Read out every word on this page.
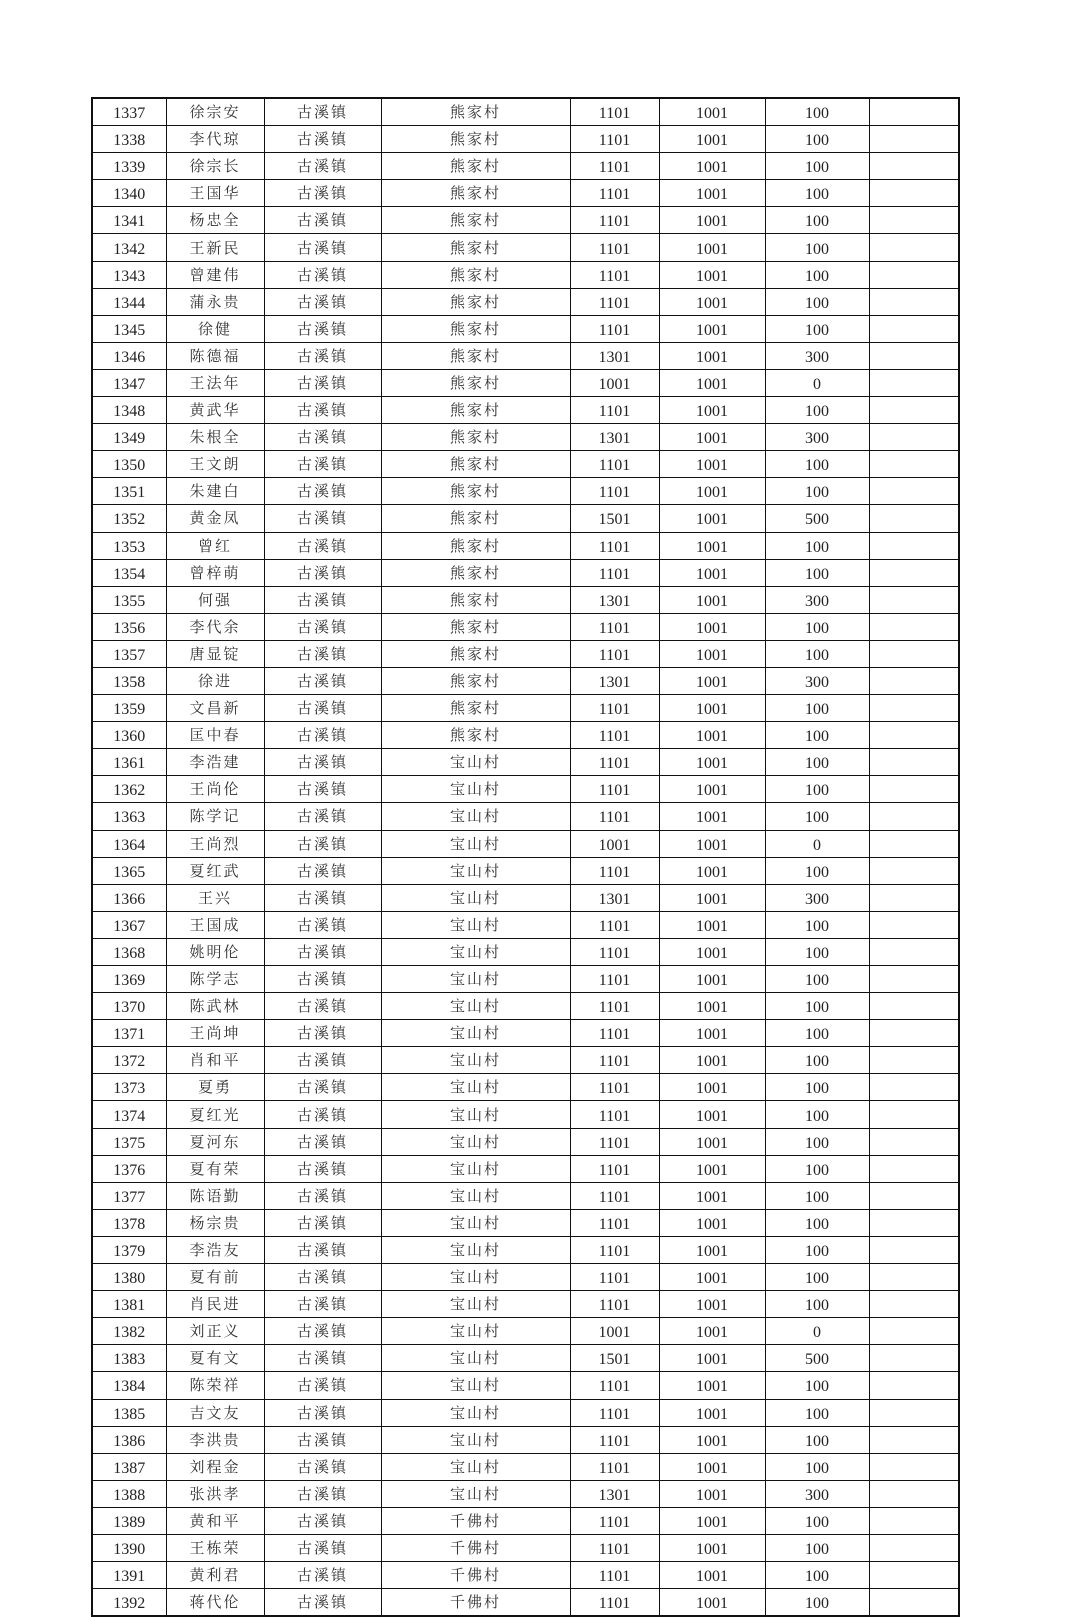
1337	徐宗安	古溪镇	熊家村	1101	1001	100	
1338	李代琼	古溪镇	熊家村	1101	1001	100	
1339	徐宗长	古溪镇	熊家村	1101	1001	100	
1340	王国华	古溪镇	熊家村	1101	1001	100	
1341	杨忠全	古溪镇	熊家村	1101	1001	100	
1342	王新民	古溪镇	熊家村	1101	1001	100	
1343	曾建伟	古溪镇	熊家村	1101	1001	100	
1344	蒲永贵	古溪镇	熊家村	1101	1001	100	
1345	徐健	古溪镇	熊家村	1101	1001	100	
1346	陈德福	古溪镇	熊家村	1301	1001	300	
1347	王法年	古溪镇	熊家村	1001	1001	0	
1348	黄武华	古溪镇	熊家村	1101	1001	100	
1349	朱根全	古溪镇	熊家村	1301	1001	300	
1350	王文朗	古溪镇	熊家村	1101	1001	100	
1351	朱建白	古溪镇	熊家村	1101	1001	100	
1352	黄金凤	古溪镇	熊家村	1501	1001	500	
1353	曾红	古溪镇	熊家村	1101	1001	100	
1354	曾梓萌	古溪镇	熊家村	1101	1001	100	
1355	何强	古溪镇	熊家村	1301	1001	300	
1356	李代余	古溪镇	熊家村	1101	1001	100	
1357	唐显锭	古溪镇	熊家村	1101	1001	100	
1358	徐进	古溪镇	熊家村	1301	1001	300	
1359	文昌新	古溪镇	熊家村	1101	1001	100	
1360	匡中春	古溪镇	熊家村	1101	1001	100	
1361	李浩建	古溪镇	宝山村	1101	1001	100	
1362	王尚伦	古溪镇	宝山村	1101	1001	100	
1363	陈学记	古溪镇	宝山村	1101	1001	100	
1364	王尚烈	古溪镇	宝山村	1001	1001	0	
1365	夏红武	古溪镇	宝山村	1101	1001	100	
1366	王兴	古溪镇	宝山村	1301	1001	300	
1367	王国成	古溪镇	宝山村	1101	1001	100	
1368	姚明伦	古溪镇	宝山村	1101	1001	100	
1369	陈学志	古溪镇	宝山村	1101	1001	100	
1370	陈武林	古溪镇	宝山村	1101	1001	100	
1371	王尚坤	古溪镇	宝山村	1101	1001	100	
1372	肖和平	古溪镇	宝山村	1101	1001	100	
1373	夏勇	古溪镇	宝山村	1101	1001	100	
1374	夏红光	古溪镇	宝山村	1101	1001	100	
1375	夏河东	古溪镇	宝山村	1101	1001	100	
1376	夏有荣	古溪镇	宝山村	1101	1001	100	
1377	陈语勤	古溪镇	宝山村	1101	1001	100	
1378	杨宗贵	古溪镇	宝山村	1101	1001	100	
1379	李浩友	古溪镇	宝山村	1101	1001	100	
1380	夏有前	古溪镇	宝山村	1101	1001	100	
1381	肖民进	古溪镇	宝山村	1101	1001	100	
1382	刘正义	古溪镇	宝山村	1001	1001	0	
1383	夏有文	古溪镇	宝山村	1501	1001	500	
1384	陈荣祥	古溪镇	宝山村	1101	1001	100	
1385	吉文友	古溪镇	宝山村	1101	1001	100	
1386	李洪贵	古溪镇	宝山村	1101	1001	100	
1387	刘程金	古溪镇	宝山村	1101	1001	100	
1388	张洪孝	古溪镇	宝山村	1301	1001	300	
1389	黄和平	古溪镇	千佛村	1101	1001	100	
1390	王栋荣	古溪镇	千佛村	1101	1001	100	
1391	黄利君	古溪镇	千佛村	1101	1001	100	
1392	蒋代伦	古溪镇	千佛村	1101	1001	100	
